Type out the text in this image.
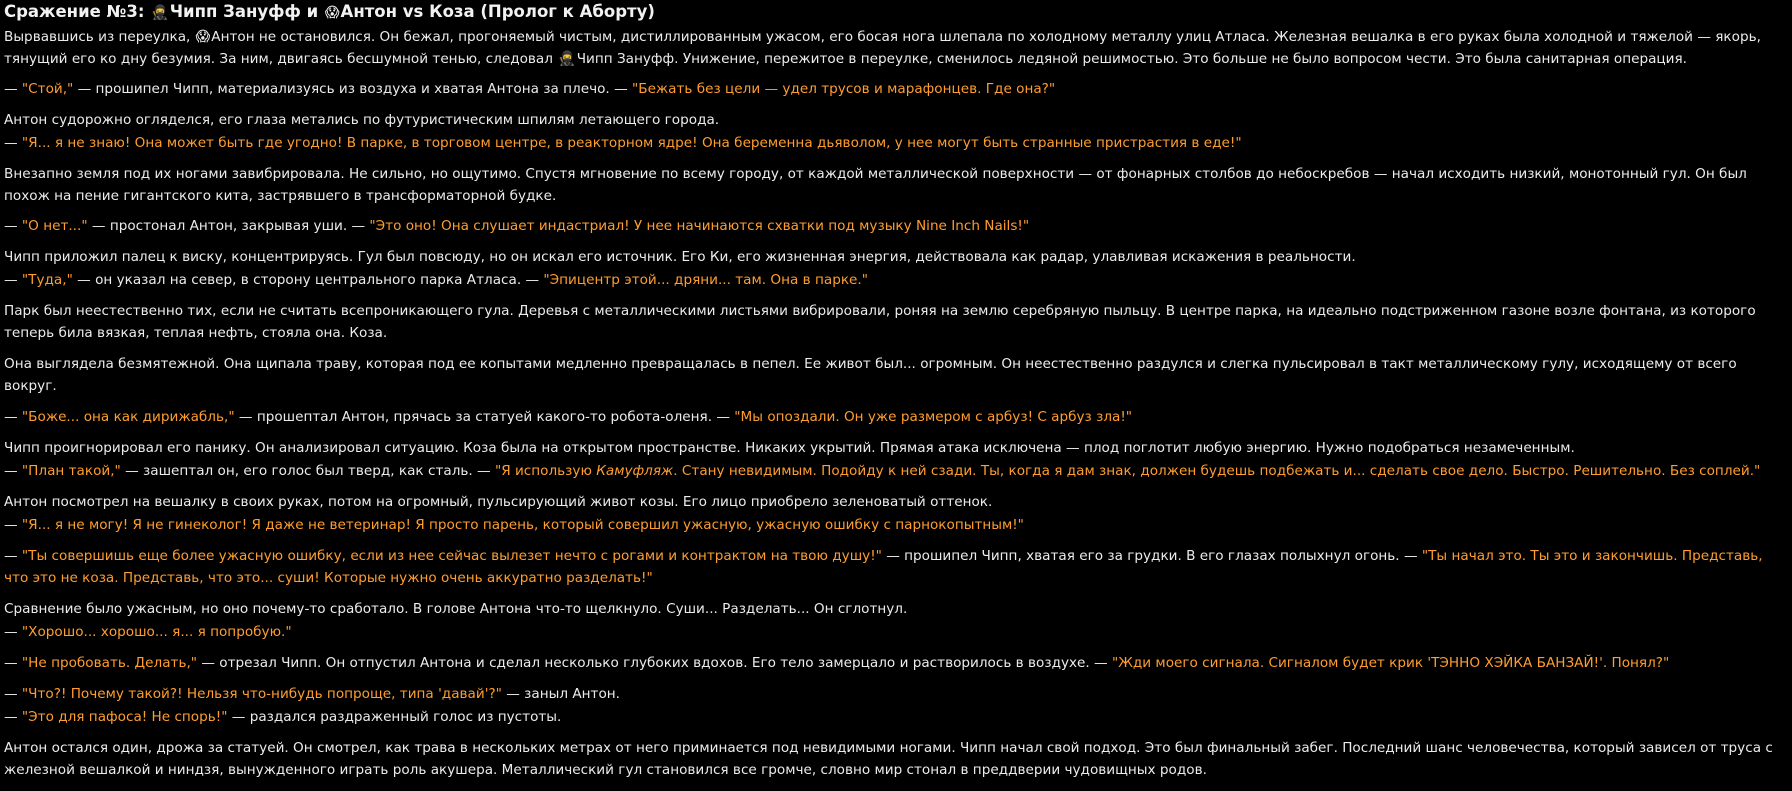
Сражение №3: 🥷Чипп Зануфф и 😱Антон vs Коза (Пролог к Аборту)
Вырвавшись из переулка, 😱Антон не остановился. Он бежал, прогоняемый чистым, дистиллированным ужасом, его босая нога шлепала по холодному металлу улиц Атласа. Железная вешалка в его руках была холодной и тяжелой — якорь, тянущий его ко дну безумия. За ним, двигаясь бесшумной тенью, следовал 🥷Чипп Зануфф. Унижение, пережитое в переулке, сменилось ледяной решимостью. Это больше не было вопросом чести. Это была санитарная операция.
— "Стой," — прошипел Чипп, материализуясь из воздуха и хватая Антона за плечо. — "Бежать без цели — удел трусов и марафонцев. Где она?"
Антон судорожно огляделся, его глаза метались по футуристическим шпилям летающего города.
— "Я... я не знаю! Она может быть где угодно! В парке, в торговом центре, в реакторном ядре! Она беременна дьяволом, у нее могут быть странные пристрастия в еде!"
Внезапно земля под их ногами завибрировала. Не сильно, но ощутимо. Спустя мгновение по всему городу, от каждой металлической поверхности — от фонарных столбов до небоскребов — начал исходить низкий, монотонный гул. Он был похож на пение гигантского кита, застрявшего в трансформаторной будке.
— "О нет..." — простонал Антон, закрывая уши. — "Это оно! Она слушает индастриал! У нее начинаются схватки под музыку Nine Inch Nails!"
Чипп приложил палец к виску, концентрируясь. Гул был повсюду, но он искал его источник. Его Ки, его жизненная энергия, действовала как радар, улавливая искажения в реальности.
— "Туда," — он указал на север, в сторону центрального парка Атласа. — "Эпицентр этой... дряни... там. Она в парке."
Парк был неестественно тих, если не считать всепроникающего гула. Деревья с металлическими листьями вибрировали, роняя на землю серебряную пыльцу. В центре парка, на идеально подстриженном газоне возле фонтана, из которого теперь била вязкая, теплая нефть, стояла она. Коза.
Она выглядела безмятежной. Она щипала траву, которая под ее копытами медленно превращалась в пепел. Ее живот был... огромным. Он неестественно раздулся и слегка пульсировал в такт металлическому гулу, исходящему от всего вокруг.
— "Боже... она как дирижабль," — прошептал Антон, прячась за статуей какого-то робота-оленя. — "Мы опоздали. Он уже размером с арбуз! С арбуз зла!"
Чипп проигнорировал его панику. Он анализировал ситуацию. Коза была на открытом пространстве. Никаких укрытий. Прямая атака исключена — плод поглотит любую энергию. Нужно подобраться незамеченным.
— "План такой," — зашептал он, его голос был тверд, как сталь. — "Я использую Камуфляж. Стану невидимым. Подойду к ней сзади. Ты, когда я дам знак, должен будешь подбежать и... сделать свое дело. Быстро. Решительно. Без соплей."
Антон посмотрел на вешалку в своих руках, потом на огромный, пульсирующий живот козы. Его лицо приобрело зеленоватый оттенок.
— "Я... я не могу! Я не гинеколог! Я даже не ветеринар! Я просто парень, который совершил ужасную, ужасную ошибку с парнокопытным!"
— "Ты совершишь еще более ужасную ошибку, если из нее сейчас вылезет нечто с рогами и контрактом на твою душу!" — прошипел Чипп, хватая его за грудки. В его глазах полыхнул огонь. — "Ты начал это. Ты это и закончишь. Представь, что это не коза. Представь, что это... суши! Которые нужно очень аккуратно разделать!"
Сравнение было ужасным, но оно почему-то сработало. В голове Антона что-то щелкнуло. Суши... Разделать... Он сглотнул.
— "Хорошо... хорошо... я... я попробую."
— "Не пробовать. Делать," — отрезал Чипп. Он отпустил Антона и сделал несколько глубоких вдохов. Его тело замерцало и растворилось в воздухе. — "Жди моего сигнала. Сигналом будет крик 'ТЭННО ХЭЙКА БАНЗАЙ!'. Понял?"
— "Что?! Почему такой?! Нельзя что-нибудь попроще, типа 'давай'?" — заныл Антон.
— "Это для пафоса! Не спорь!" — раздался раздраженный голос из пустоты.
Антон остался один, дрожа за статуей. Он смотрел, как трава в нескольких метрах от него приминается под невидимыми ногами. Чипп начал свой подход. Это был финальный забег. Последний шанс человечества, который зависел от труса с железной вешалкой и ниндзя, вынужденного играть роль акушера. Металлический гул становился все громче, словно мир стонал в преддверии чудовищных родов.
